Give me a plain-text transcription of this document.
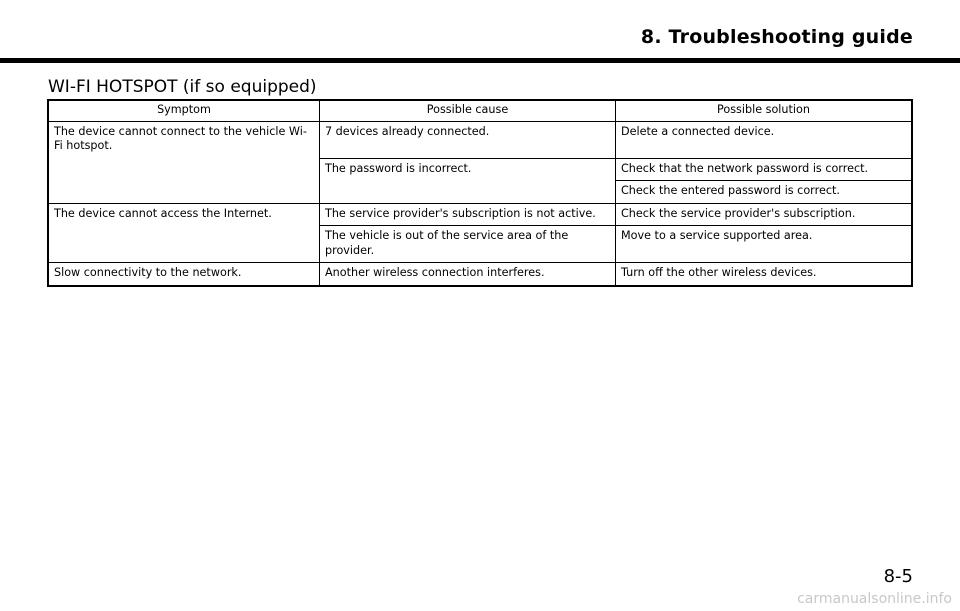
8. Troubleshooting guide
WI-FI HOTSPOT (if so equipped)
Symptom	Possible cause	Possible solution
The device cannot connect to the vehicle Wi-Fi hotspot.	7 devices already connected.	Delete a connected device.
	The password is incorrect.	Check that the network password is correct.
		Check the entered password is correct.
The device cannot access the Internet.	The service provider's subscription is not active.	Check the service provider's subscription.
	The vehicle is out of the service area of the provider.	Move to a service supported area.
Slow connectivity to the network.	Another wireless connection interferes.	Turn off the other wireless devices.
8-5
carmanualsonline.info
